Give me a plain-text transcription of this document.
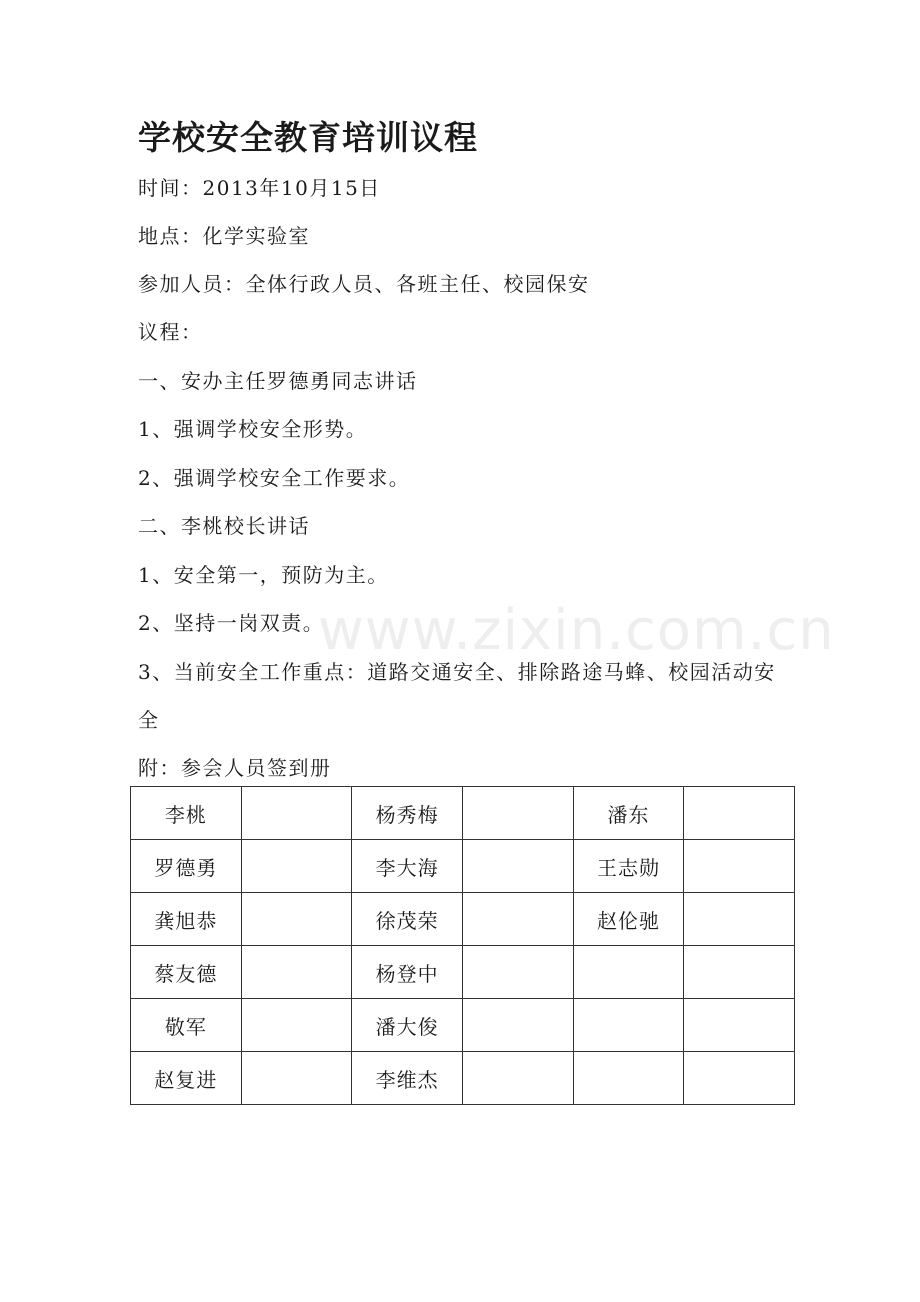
学校安全教育培训议程
时间：2013年10月15日
地点：化学实验室
参加人员：全体行政人员、各班主任、校园保安
议程：
一、安办主任罗德勇同志讲话
1、强调学校安全形势。
2、强调学校安全工作要求。
二、李桃校长讲话
1、安全第一，预防为主。
2、坚持一岗双责。
3、当前安全工作重点：道路交通安全、排除路途马蜂、校园活动安
全
附：参会人员签到册
www.zixin.com.cn
李桃		杨秀梅		潘东	
罗德勇		李大海		王志勋	
龚旭恭		徐茂荣		赵伦驰	
蔡友德		杨登中			
敬军		潘大俊			
赵复进		李维杰			
